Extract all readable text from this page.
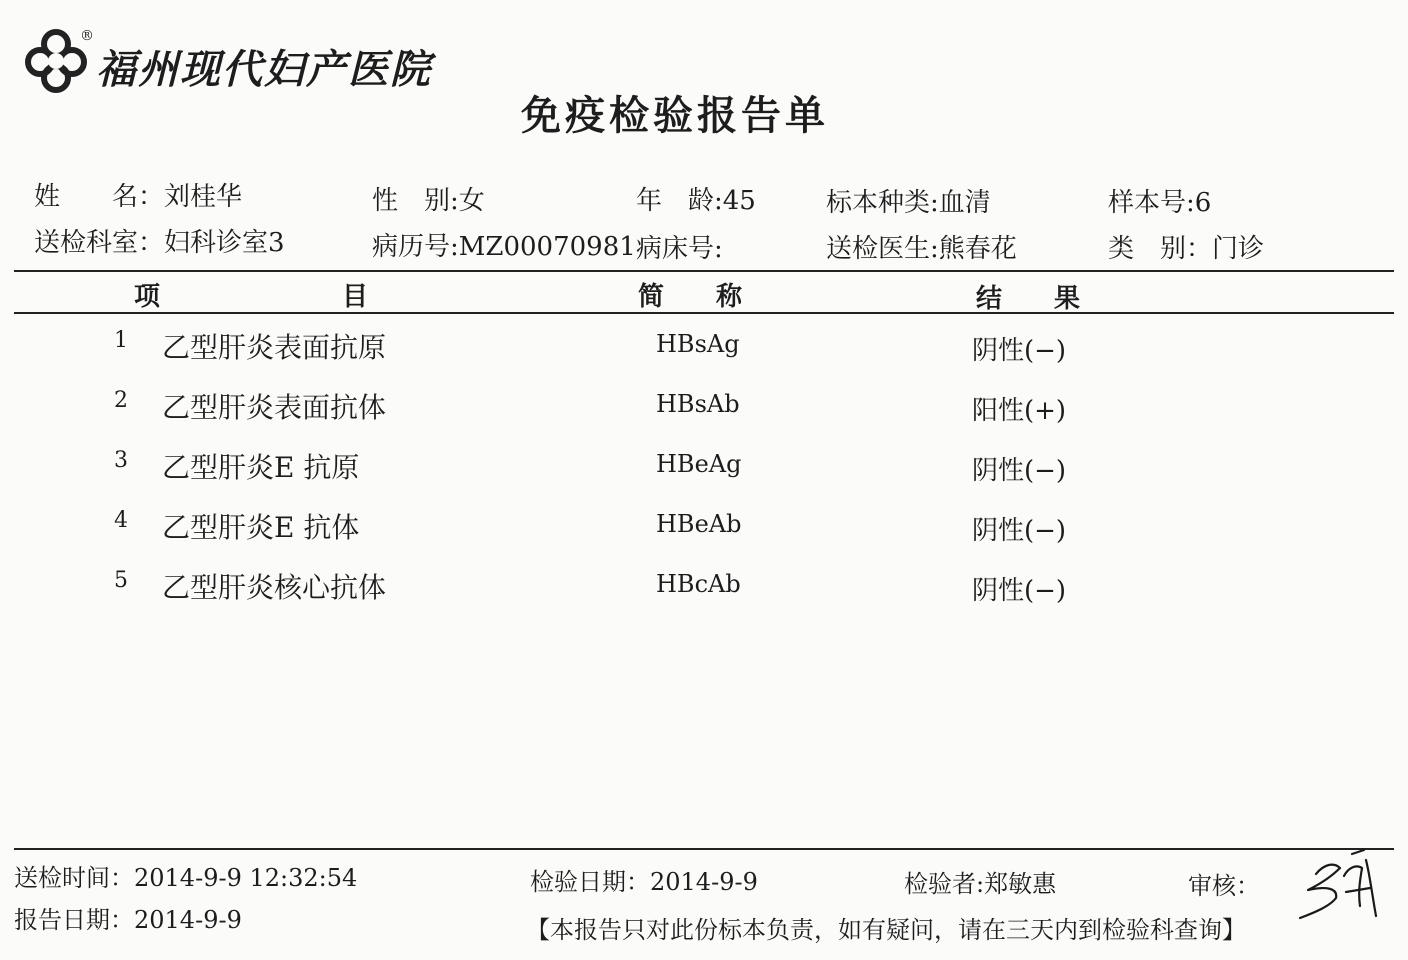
®
福州现代妇产医院
免疫检验报告单
姓　　名：刘桂华	性　别:女	年　龄:45	标本种类:血清	样本号:6
送检科室：妇科诊室3	病历号:MZ00070981 病床号:	送检医生:熊春花	类　别：门诊
项　　　　　　　目	简　　称	结　　果
1 乙型肝炎表面抗原	HBsAg	阴性(−)
2 乙型肝炎表面抗体	HBsAb	阳性(+)
3 乙型肝炎E 抗原	HBeAg	阴性(−)
4 乙型肝炎E 抗体	HBeAb	阴性(−)
5 乙型肝炎核心抗体	HBcAb	阴性(−)
送检时间：2014-9-9 12:32:54	检验日期：2014-9-9	检验者:郑敏惠	审核：
报告日期：2014-9-9	【本报告只对此份标本负责，如有疑问，请在三天内到检验科查询】
